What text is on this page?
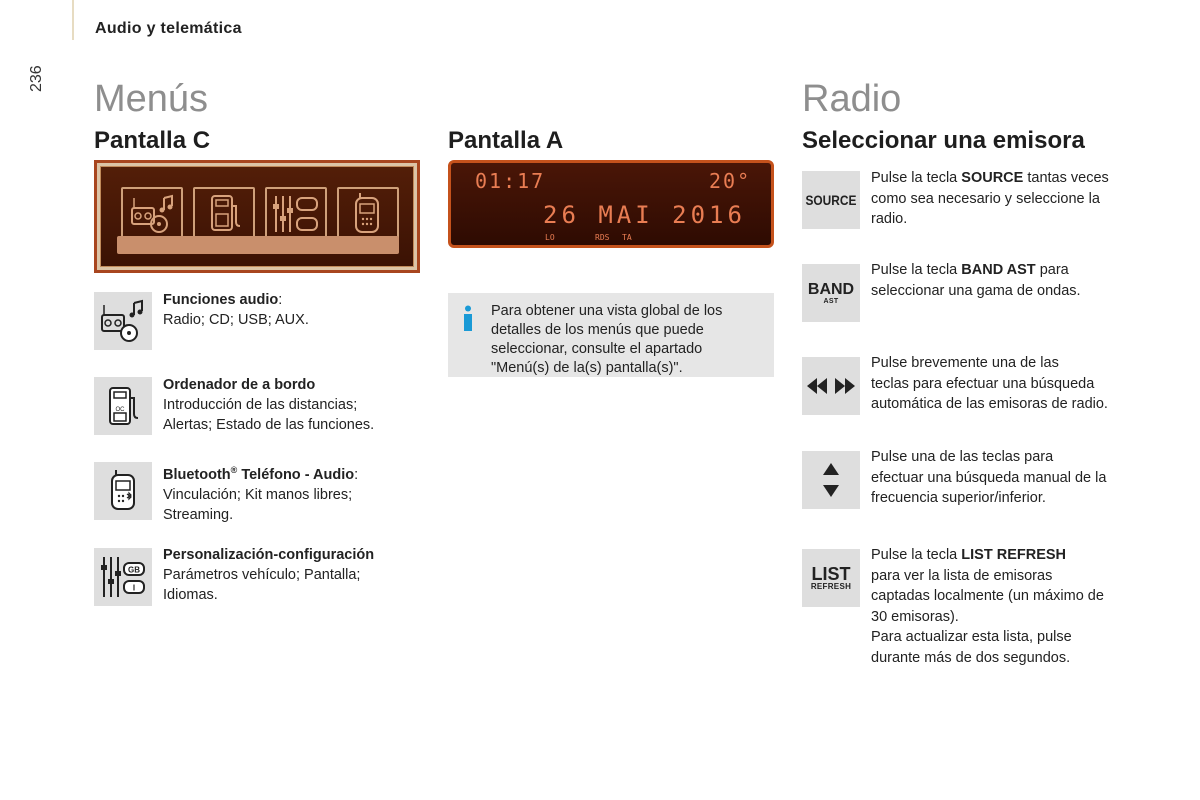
Audio y telemática
236 Menús
Pantalla C	Pantalla A
01:17	20°
26 MAI 2016
LO	RDS TA
Funciones audio:
Radio; CD; USB; AUX.
OC
Ordenador de a bordo
Introducción de las distancias;
Alertas; Estado de las funciones.
Bluetooth® Teléfono - Audio:
Vinculación; Kit manos libres;
Streaming.
GB
I
Personalización-configuración
Parámetros vehículo; Pantalla;
Idiomas.
Para obtener una vista global de los detalles de los menús que puede seleccionar, consulte el apartado "Menú(s) de la(s) pantalla(s)".
Radio
Seleccionar una emisora
SOURCE
Pulse la tecla SOURCE tantas veces
como sea necesario y seleccione la
radio.
BAND
AST
Pulse la tecla BAND AST para
seleccionar una gama de ondas.
Pulse brevemente una de las
teclas para efectuar una búsqueda
automática de las emisoras de radio.
Pulse una de las teclas para
efectuar una búsqueda manual de la
frecuencia superior/inferior.
LIST
REFRESH
Pulse la tecla LIST REFRESH
para ver la lista de emisoras
captadas localmente (un máximo de
30 emisoras).
Para actualizar esta lista, pulse
durante más de dos segundos.
